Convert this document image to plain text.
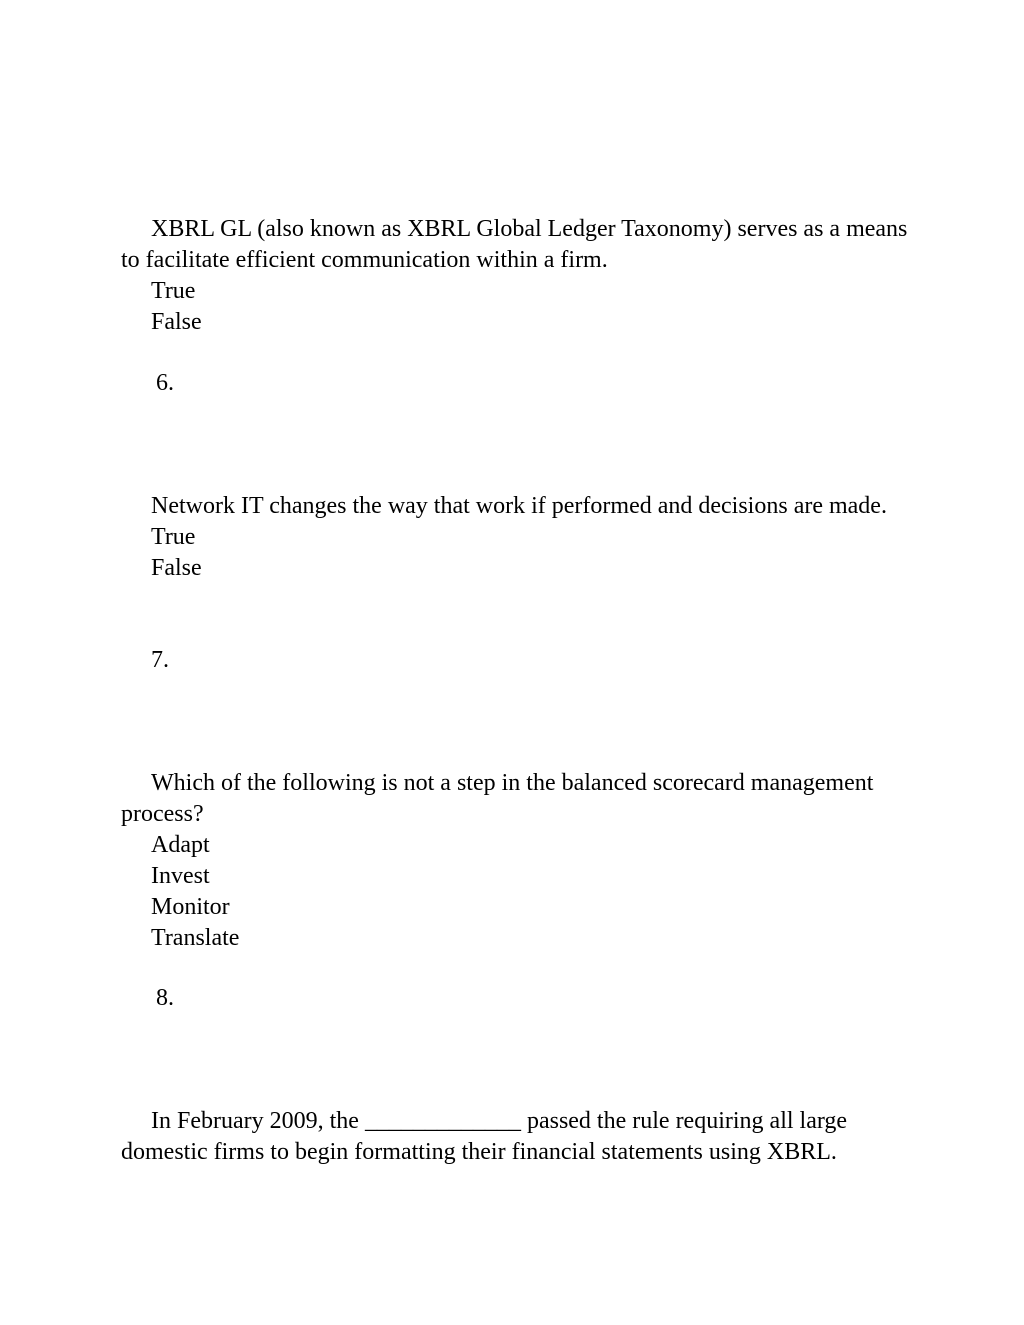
XBRL GL (also known as XBRL Global Ledger Taxonomy) serves as a means to facilitate efficient communication within a firm.

True

False

6.

Network IT changes the way that work if performed and decisions are made.

True

False

7.

Which of the following is not a step in the balanced scorecard management process?

Adapt

Invest

Monitor

Translate

8.

In February 2009, the _____________ passed the rule requiring all large domestic firms to begin formatting their financial statements using XBRL.
